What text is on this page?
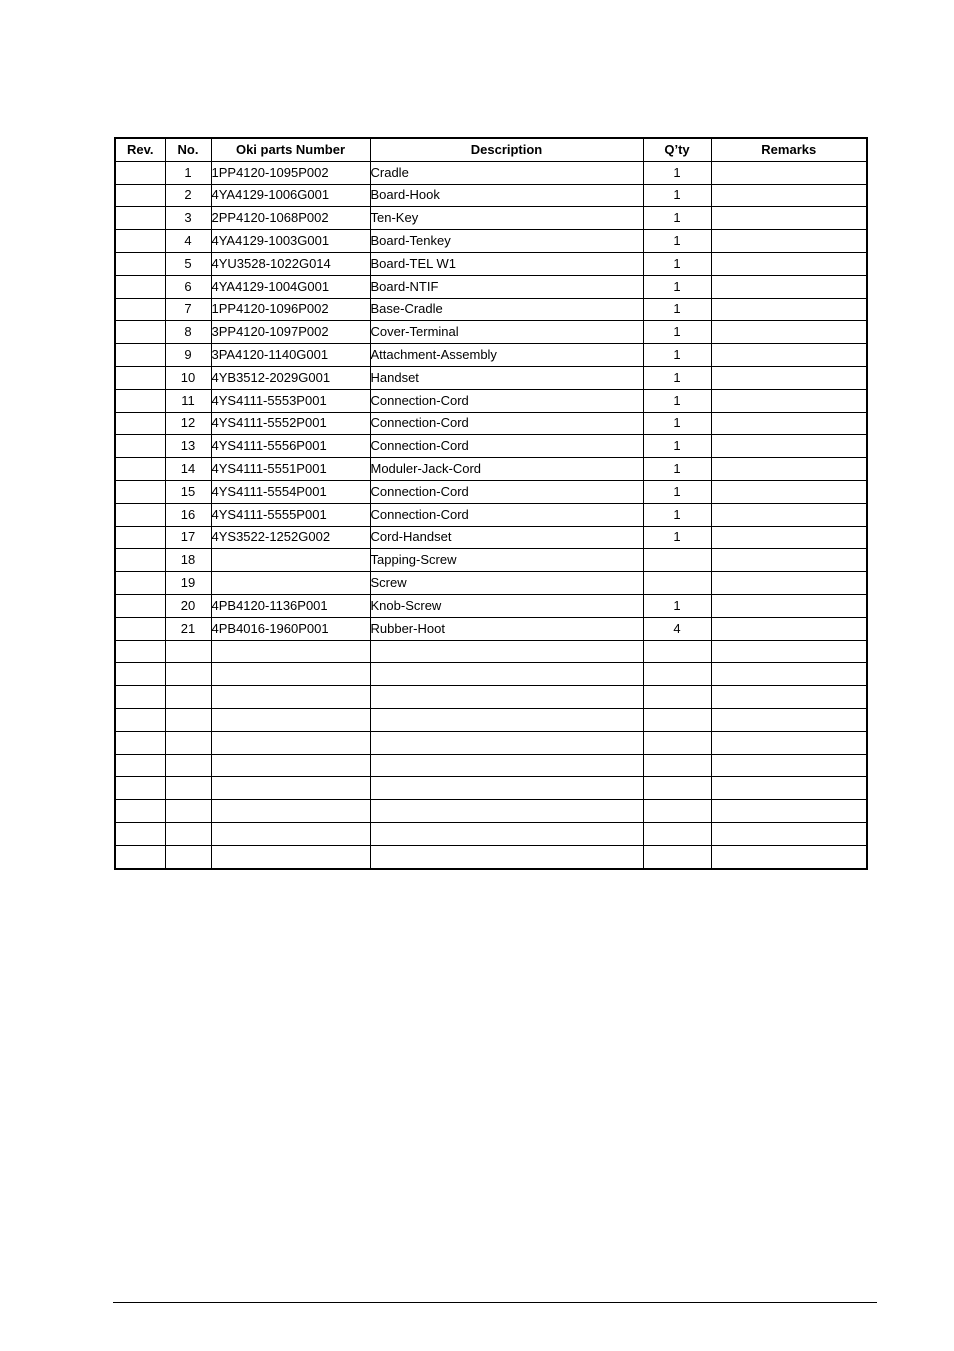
Rev.	No.	Oki parts Number	Description	Q’ty	Remarks
	1	1PP4120-1095P002	Cradle	1	
	2	4YA4129-1006G001	Board-Hook	1	
	3	2PP4120-1068P002	Ten-Key	1	
	4	4YA4129-1003G001	Board-Tenkey	1	
	5	4YU3528-1022G014	Board-TEL W1	1	
	6	4YA4129-1004G001	Board-NTIF	1	
	7	1PP4120-1096P002	Base-Cradle	1	
	8	3PP4120-1097P002	Cover-Terminal	1	
	9	3PA4120-1140G001	Attachment-Assembly	1	
	10	4YB3512-2029G001	Handset	1	
	11	4YS4111-5553P001	Connection-Cord	1	
	12	4YS4111-5552P001	Connection-Cord	1	
	13	4YS4111-5556P001	Connection-Cord	1	
	14	4YS4111-5551P001	Moduler-Jack-Cord	1	
	15	4YS4111-5554P001	Connection-Cord	1	
	16	4YS4111-5555P001	Connection-Cord	1	
	17	4YS3522-1252G002	Cord-Handset	1	
	18		Tapping-Screw		
	19		Screw		
	20	4PB4120-1136P001	Knob-Screw	1	
	21	4PB4016-1960P001	Rubber-Hoot	4	
